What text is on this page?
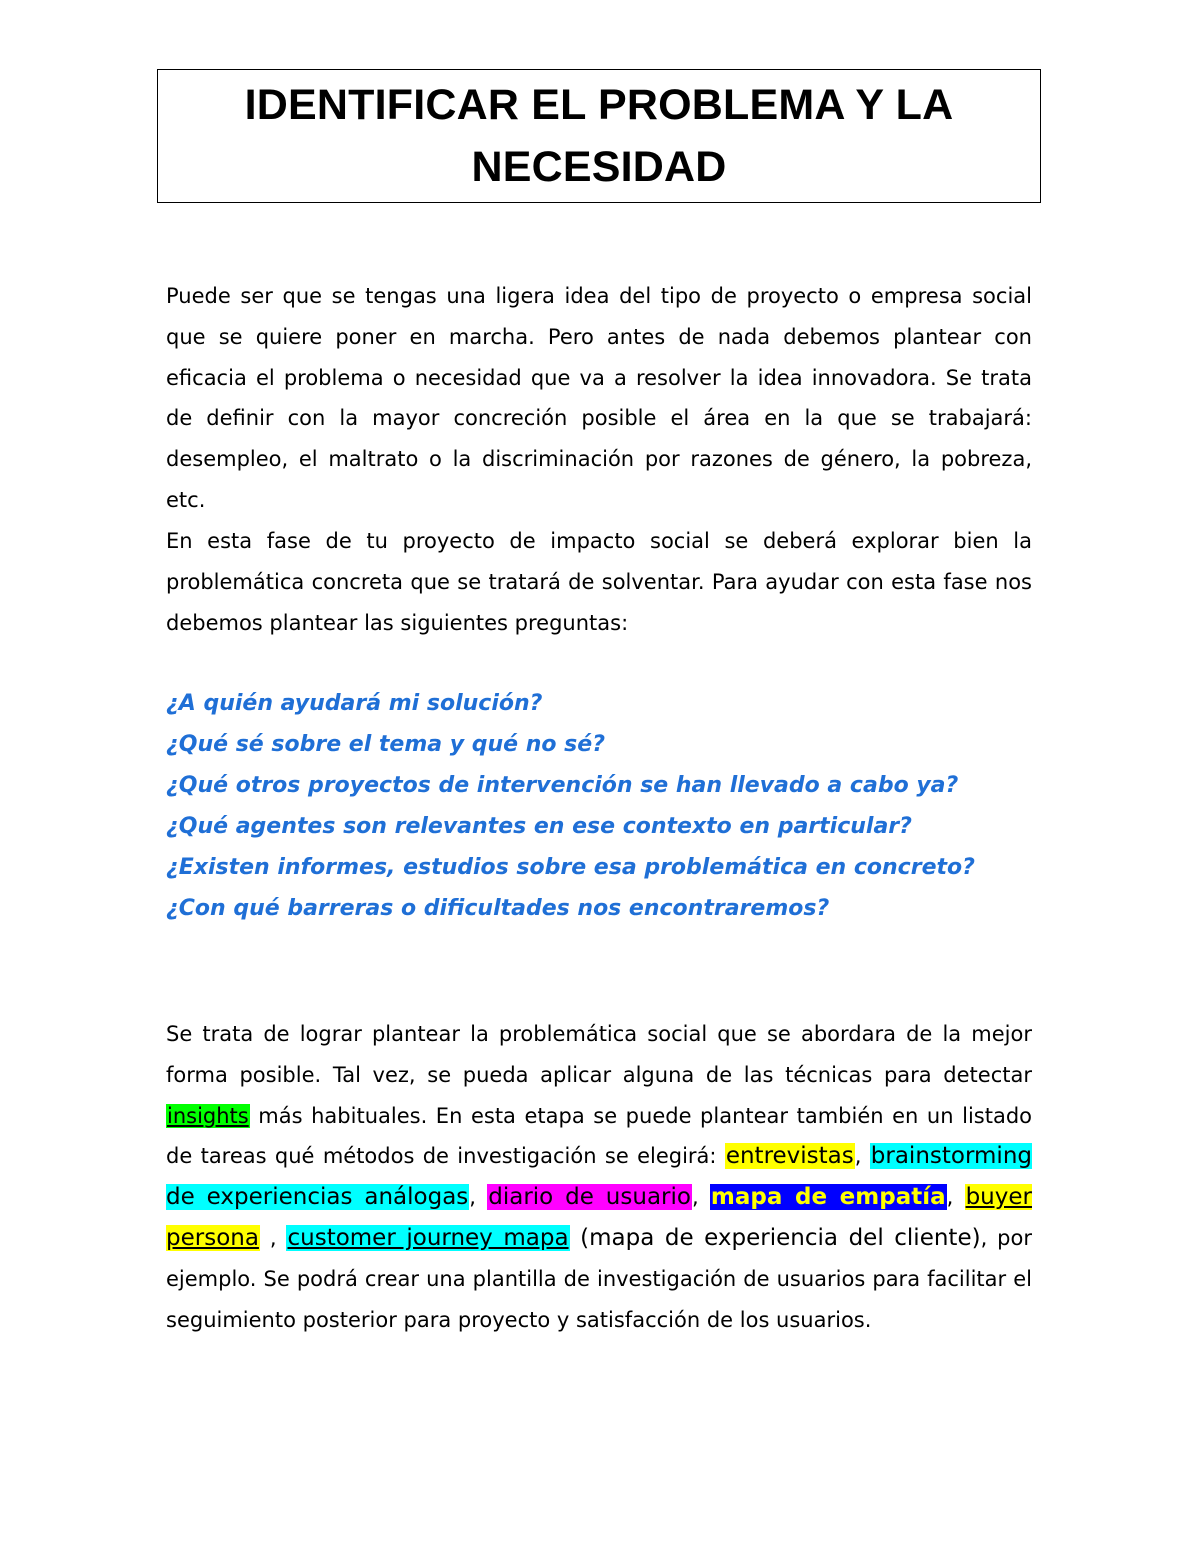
IDENTIFICAR EL PROBLEMA Y LA
NECESIDAD
Puede ser que se tengas una ligera idea del tipo de proyecto o empresa social que se quiere poner en marcha. Pero antes de nada debemos plantear con eficacia el problema o necesidad que va a resolver la idea innovadora. Se trata de definir con la mayor concreción posible el área en la que se trabajará: desempleo, el maltrato o la discriminación por razones de género, la pobreza, etc.
En esta fase de tu proyecto de impacto social se deberá explorar bien la problemática concreta que se tratará de solventar. Para ayudar con esta fase nos debemos plantear las siguientes preguntas:
¿A quién ayudará mi solución?
¿Qué sé sobre el tema y qué no sé?
¿Qué otros proyectos de intervención se han llevado a cabo ya?
¿Qué agentes son relevantes en ese contexto en particular?
¿Existen informes, estudios sobre esa problemática en concreto?
¿Con qué barreras o dificultades nos encontraremos?
Se trata de lograr plantear la problemática social que se abordara de la mejor forma posible. Tal vez, se pueda aplicar alguna de las técnicas para detectar insights más habituales. En esta etapa se puede plantear también en un listado de tareas qué métodos de investigación se elegirá: entrevistas, brainstorming de experiencias análogas, diario de usuario, mapa de empatía, buyer persona , customer journey mapa (mapa de experiencia del cliente), por ejemplo. Se podrá crear una plantilla de investigación de usuarios para facilitar el seguimiento posterior para proyecto y satisfacción de los usuarios.
